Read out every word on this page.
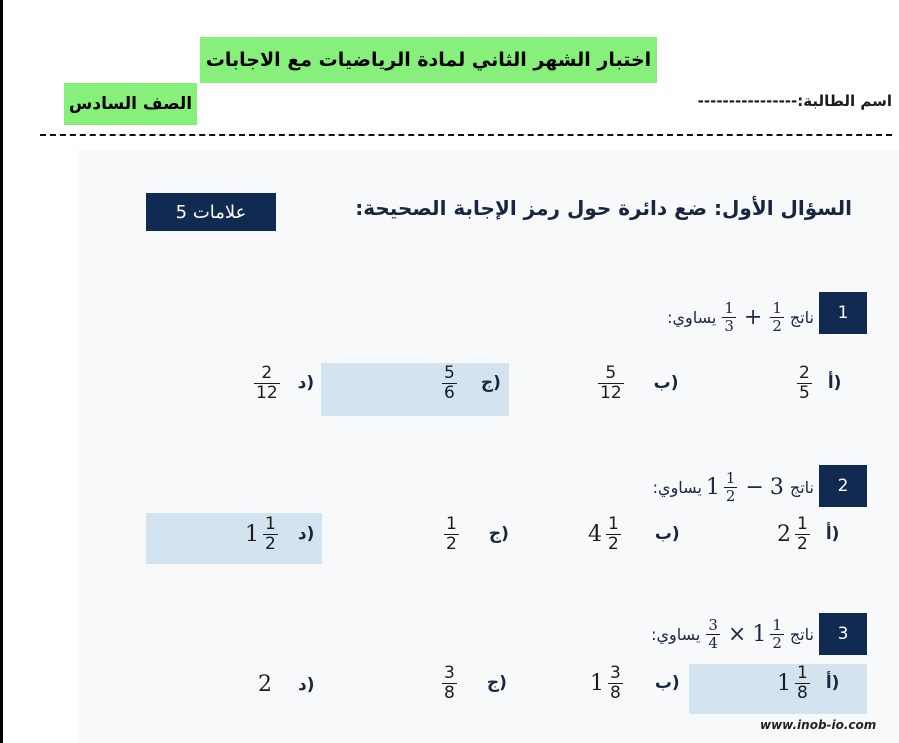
اختبار الشهر الثاني لمادة الرياضيات مع الاجابات
الصف السادس	اسم الطالبة:----------------
5 علامات	السؤال الأول: ضع دائرة حول رمز الإجابة الصحيحة:
1
ناتج
$\frac{1}{3} + \frac{1}{2}$
يساوي:
$\frac{2}{5}$ أ)
$\frac{5}{12}$ ب)
$\frac{5}{6}$ ج)
$\frac{2}{12}$ د)
2
ناتج
$1 \frac{1}{2} - 3$
يساوي:
$2 \frac{1}{2}$ أ)
$4 \frac{1}{2}$ ب)
$\frac{1}{2}$ ج)
$1 \frac{1}{2}$ د)
3
ناتج
$\frac{3}{4} \times 1 \frac{1}{2}$
يساوي:
$1 \frac{1}{8}$ أ)
$1 \frac{3}{8}$ ب)
$\frac{3}{8}$ ج)
2 د)
www.inob-io.com
